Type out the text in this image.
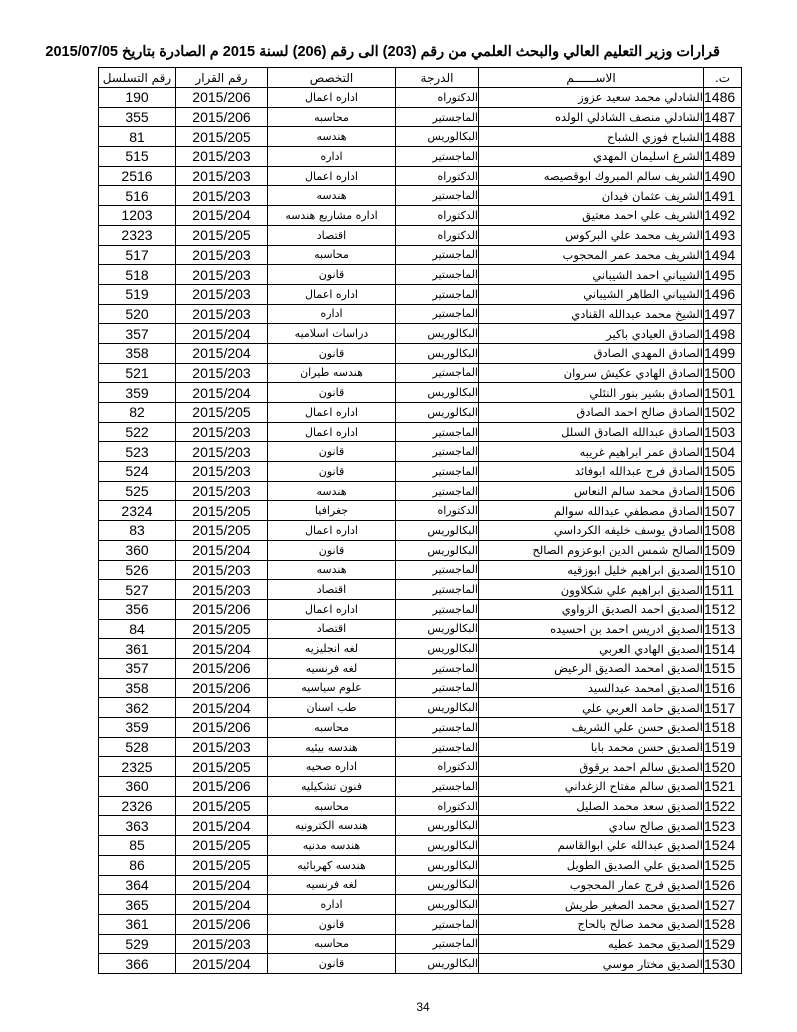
قرارات وزير التعليم العالي والبحث العلمي من رقم (203) الى رقم (206) لسنة 2015 م الصادرة بتاريخ 2015/07/05
ت.	الاســــــم	الدرجة	التخصص	رقم القرار	رقم التسلسل
1486	الشادلي محمد سعيد عزوز	الدكتوراه	اداره اعمال	2015/206	190
1487	الشادلي منصف الشادلي الولده	الماجستير	محاسبه	2015/206	355
1488	الشباح فوزي الشباح	البكالوريس	هندسه	2015/205	81
1489	الشرع اسليمان المهدي	الماجستير	اداره	2015/203	515
1490	الشريف سالم المبروك ابوقصيصه	الدكتوراه	اداره اعمال	2015/203	2516
1491	الشريف عثمان فيدان	الماجستير	هندسه	2015/203	516
1492	الشريف علي احمد معتيق	الدكتوراه	اداره مشاريع هندسه	2015/204	1203
1493	الشريف محمد علي البركوس	الدكتوراه	اقتصاد	2015/205	2323
1494	الشريف محمد عمر المحجوب	الماجستير	محاسبه	2015/203	517
1495	الشيباني احمد الشيباني	الماجستير	قانون	2015/203	518
1496	الشيباني الطاهر الشيباني	الماجستير	اداره اعمال	2015/203	519
1497	الشيخ محمد عبدالله القنادي	الماجستير	اداره	2015/203	520
1498	الصادق العيادي باكير	البكالوريس	دراسات اسلاميه	2015/204	357
1499	الصادق المهدي الصادق	البكالوريس	قانون	2015/204	358
1500	الصادق الهادي عكيش سروان	الماجستير	هندسه طيران	2015/203	521
1501	الصادق بشير بنور النئلي	البكالوريس	قانون	2015/204	359
1502	الصادق صالح احمد الصادق	البكالوريس	اداره اعمال	2015/205	82
1503	الصادق عبدالله الصادق السلل	الماجستير	اداره اعمال	2015/203	522
1504	الصادق عمر ابراهيم غريبه	الماجستير	قانون	2015/203	523
1505	الصادق فرج عبدالله ابوفائد	الماجستير	قانون	2015/203	524
1506	الصادق محمد سالم النعاس	الماجستير	هندسه	2015/203	525
1507	الصادق مصطفي عبدالله سوالم	الدكتوراه	جغرافيا	2015/205	2324
1508	الصادق يوسف خليفه الكرداسي	البكالوريس	اداره اعمال	2015/205	83
1509	الصالح شمس الدين ابوعزوم الصالح	البكالوريس	قانون	2015/204	360
1510	الصديق ابراهيم خليل ابوزقيه	الماجستير	هندسه	2015/203	526
1511	الصديق ابراهيم علي شكلاوون	الماجستير	اقتصاد	2015/203	527
1512	الصديق احمد الصديق الزواوي	الماجستير	اداره اعمال	2015/206	356
1513	الصديق ادريس احمد بن احسيده	البكالوريس	اقتصاد	2015/205	84
1514	الصديق الهادي العربي	البكالوريس	لغه انجليزيه	2015/204	361
1515	الصديق امحمد الصديق الرعيض	الماجستير	لغه فرنسيه	2015/206	357
1516	الصديق امحمد عبدالسيد	الماجستير	علوم سياسيه	2015/206	358
1517	الصديق حامد العربي علي	البكالوريس	طب اسنان	2015/204	362
1518	الصديق حسن علي الشريف	الماجستير	محاسبه	2015/206	359
1519	الصديق حسن محمد بابا	الماجستير	هندسه بيئيه	2015/203	528
1520	الصديق سالم احمد برقوق	الدكتوراه	اداره صحيه	2015/205	2325
1521	الصديق سالم مفتاح الزغداني	الماجستير	فنون تشكيليه	2015/206	360
1522	الصديق سعد محمد الصليل	الدكتوراه	محاسبه	2015/205	2326
1523	الصديق صالح سادي	البكالوريس	هندسه الكترونيه	2015/204	363
1524	الصديق عبدالله علي ابوالقاسم	البكالوريس	هندسه مدنيه	2015/205	85
1525	الصديق علي الصديق الطويل	البكالوريس	هندسه كهربائيه	2015/205	86
1526	الصديق فرج عمار المحجوب	البكالوريس	لغه فرنسيه	2015/204	364
1527	الصديق محمد الصغير طريش	البكالوريس	اداره	2015/204	365
1528	الصديق محمد صالح بالحاج	الماجستير	قانون	2015/206	361
1529	الصديق محمد عطيه	الماجستير	محاسبه	2015/203	529
1530	الصديق مختار موسي	البكالوريس	قانون	2015/204	366
34
